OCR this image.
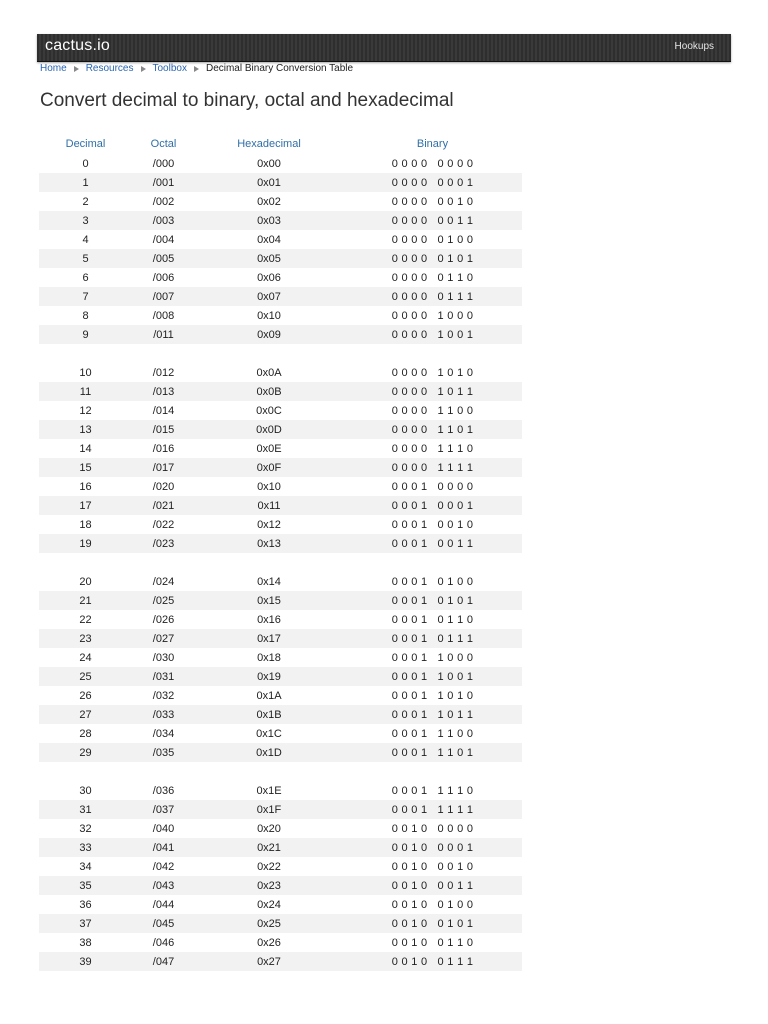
cactus.io	Hookups
Home Resources Toolbox Decimal Binary Conversion Table
Convert decimal to binary, octal and hexadecimal
Decimal	Octal	Hexadecimal	Binary
0	/000	0x00	0 0 0 0   0 0 0 0
1	/001	0x01	0 0 0 0   0 0 0 1
2	/002	0x02	0 0 0 0   0 0 1 0
3	/003	0x03	0 0 0 0   0 0 1 1
4	/004	0x04	0 0 0 0   0 1 0 0
5	/005	0x05	0 0 0 0   0 1 0 1
6	/006	0x06	0 0 0 0   0 1 1 0
7	/007	0x07	0 0 0 0   0 1 1 1
8	/008	0x10	0 0 0 0   1 0 0 0
9	/011	0x09	0 0 0 0   1 0 0 1

10	/012	0x0A	0 0 0 0   1 0 1 0
11	/013	0x0B	0 0 0 0   1 0 1 1
12	/014	0x0C	0 0 0 0   1 1 0 0
13	/015	0x0D	0 0 0 0   1 1 0 1
14	/016	0x0E	0 0 0 0   1 1 1 0
15	/017	0x0F	0 0 0 0   1 1 1 1
16	/020	0x10	0 0 0 1   0 0 0 0
17	/021	0x11	0 0 0 1   0 0 0 1
18	/022	0x12	0 0 0 1   0 0 1 0
19	/023	0x13	0 0 0 1   0 0 1 1

20	/024	0x14	0 0 0 1   0 1 0 0
21	/025	0x15	0 0 0 1   0 1 0 1
22	/026	0x16	0 0 0 1   0 1 1 0
23	/027	0x17	0 0 0 1   0 1 1 1
24	/030	0x18	0 0 0 1   1 0 0 0
25	/031	0x19	0 0 0 1   1 0 0 1
26	/032	0x1A	0 0 0 1   1 0 1 0
27	/033	0x1B	0 0 0 1   1 0 1 1
28	/034	0x1C	0 0 0 1   1 1 0 0
29	/035	0x1D	0 0 0 1   1 1 0 1

30	/036	0x1E	0 0 0 1   1 1 1 0
31	/037	0x1F	0 0 0 1   1 1 1 1
32	/040	0x20	0 0 1 0   0 0 0 0
33	/041	0x21	0 0 1 0   0 0 0 1
34	/042	0x22	0 0 1 0   0 0 1 0
35	/043	0x23	0 0 1 0   0 0 1 1
36	/044	0x24	0 0 1 0   0 1 0 0
37	/045	0x25	0 0 1 0   0 1 0 1
38	/046	0x26	0 0 1 0   0 1 1 0
39	/047	0x27	0 0 1 0   0 1 1 1
